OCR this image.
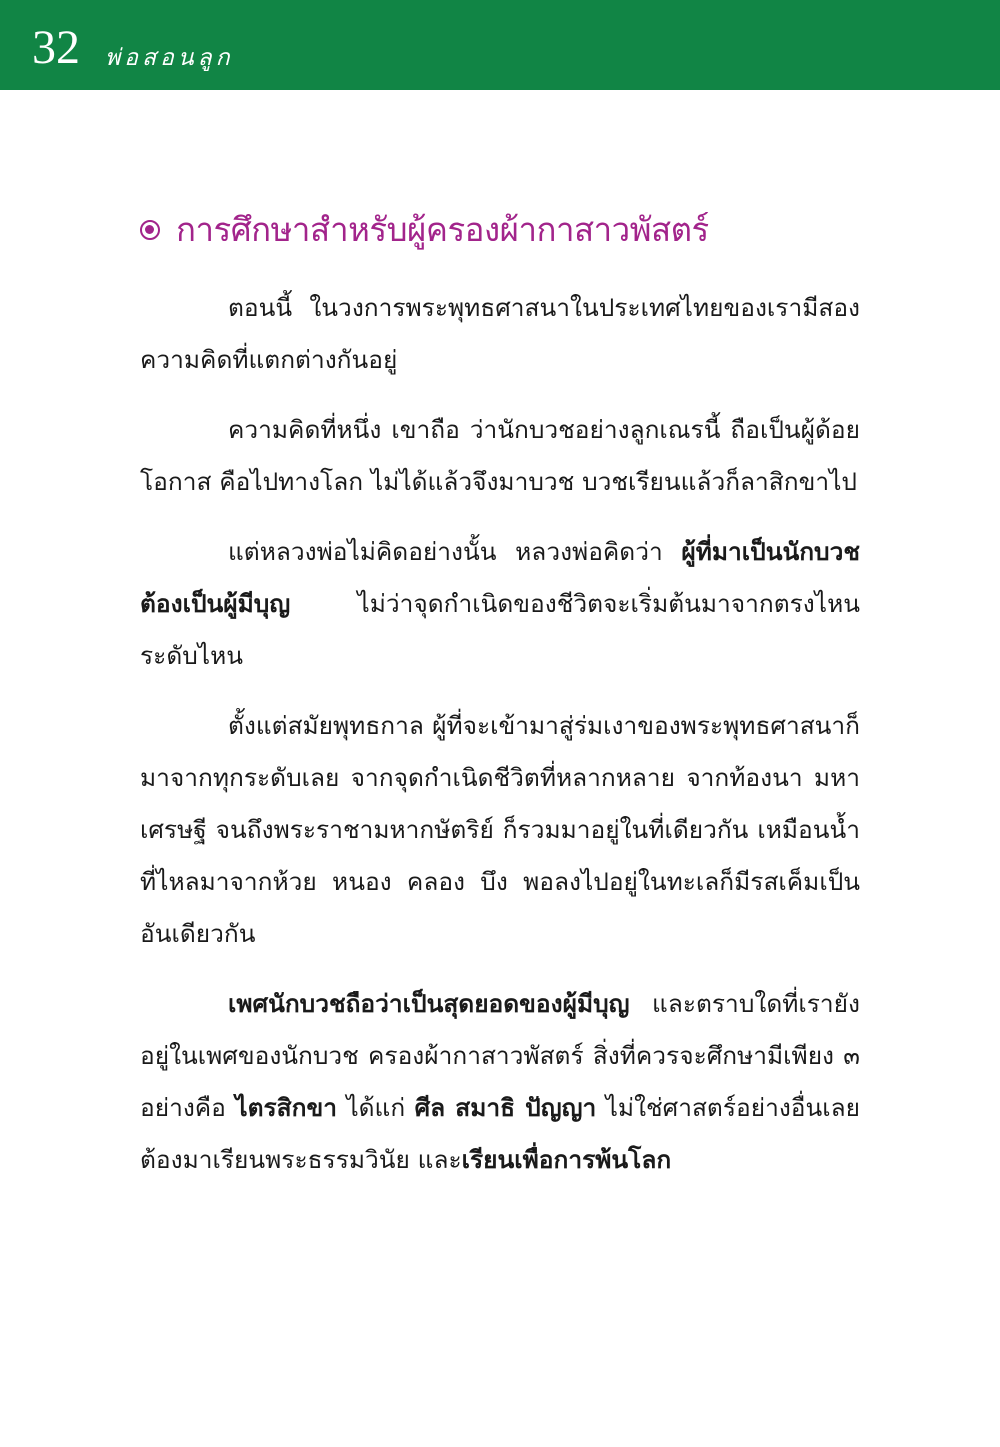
32 พ่อสอนลูก
การศึกษาสำหรับผู้ครองผ้ากาสาวพัสตร์

ตอนนี้ ในวงการพระพุทธศาสนาในประเทศไทยของเรามีสองความคิดที่แตกต่างกันอยู่

ความคิดที่หนึ่ง เขาถือ ว่านักบวชอย่างลูกเณรนี้ ถือเป็นผู้ด้อยโอกาส คือไปทางโลก ไม่ได้แล้วจึงมาบวช บวชเรียนแล้วก็ลาสิกขาไป

แต่หลวงพ่อไม่คิดอย่างนั้น หลวงพ่อคิดว่า ผู้ที่มาเป็นนักบวชต้องเป็นผู้มีบุญ ไม่ว่าจุดกำเนิดของชีวิตจะเริ่มต้นมาจากตรงไหน ระดับไหน

ตั้งแต่สมัยพุทธกาล ผู้ที่จะเข้ามาสู่ร่มเงาของพระพุทธศาสนาก็มาจากทุกระดับเลย จากจุดกำเนิดชีวิตที่หลากหลาย จากท้องนา มหาเศรษฐี จนถึงพระราชามหากษัตริย์ ก็รวมมาอยู่ในที่เดียวกัน เหมือนน้ำที่ไหลมาจากห้วย หนอง คลอง บึง พอลงไปอยู่ในทะเลก็มีรสเค็มเป็นอันเดียวกัน

เพศนักบวชถือว่าเป็นสุดยอดของผู้มีบุญ และตราบใดที่เรายังอยู่ในเพศของนักบวช ครองผ้ากาสาวพัสตร์ สิ่งที่ควรจะศึกษามีเพียง ๓ อย่างคือ ไตรสิกขา ได้แก่ ศีล สมาธิ ปัญญา ไม่ใช่ศาสตร์อย่างอื่นเลย ต้องมาเรียนพระธรรมวินัย และเรียนเพื่อการพ้นโลก
